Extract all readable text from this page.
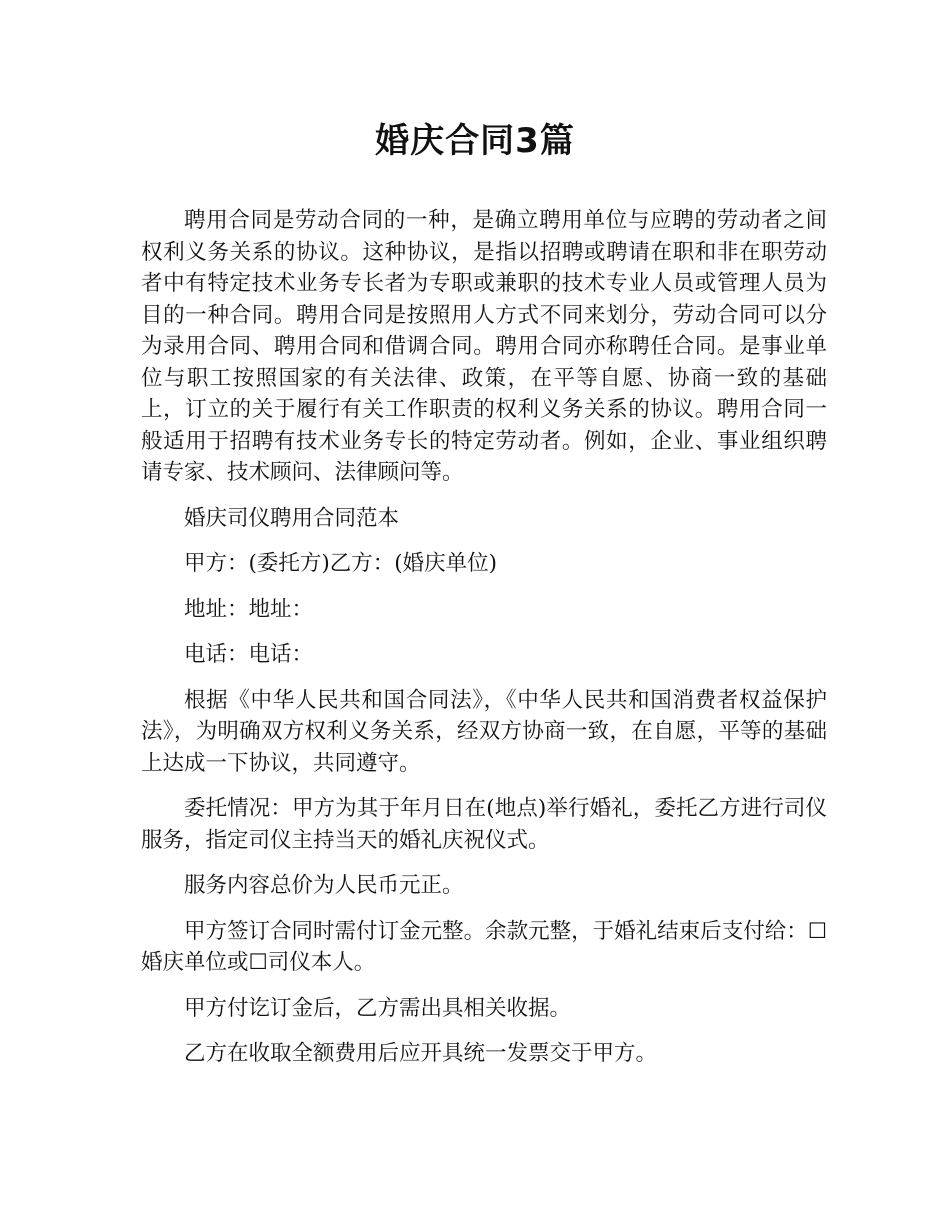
婚庆合同3篇

聘用合同是劳动合同的一种，是确立聘用单位与应聘的劳动者之间权利义务关系的协议。这种协议，是指以招聘或聘请在职和非在职劳动者中有特定技术业务专长者为专职或兼职的技术专业人员或管理人员为目的一种合同。聘用合同是按照用人方式不同来划分，劳动合同可以分为录用合同、聘用合同和借调合同。聘用合同亦称聘任合同。是事业单位与职工按照国家的有关法律、政策，在平等自愿、协商一致的基础上，订立的关于履行有关工作职责的权利义务关系的协议。聘用合同一般适用于招聘有技术业务专长的特定劳动者。例如，企业、事业组织聘请专家、技术顾问、法律顾问等。

婚庆司仪聘用合同范本

甲方：(委托方)乙方：(婚庆单位)

地址：地址：

电话：电话：

根据《中华人民共和国合同法》，《中华人民共和国消费者权益保护法》，为明确双方权利义务关系，经双方协商一致，在自愿，平等的基础上达成一下协议，共同遵守。

委托情况：甲方为其于年月日在(地点)举行婚礼，委托乙方进行司仪服务，指定司仪主持当天的婚礼庆祝仪式。

服务内容总价为人民币元正。

甲方签订合同时需付订金元整。余款元整，于婚礼结束后支付给：☐婚庆单位或☐司仪本人。

甲方付讫订金后，乙方需出具相关收据。

乙方在收取全额费用后应开具统一发票交于甲方。
